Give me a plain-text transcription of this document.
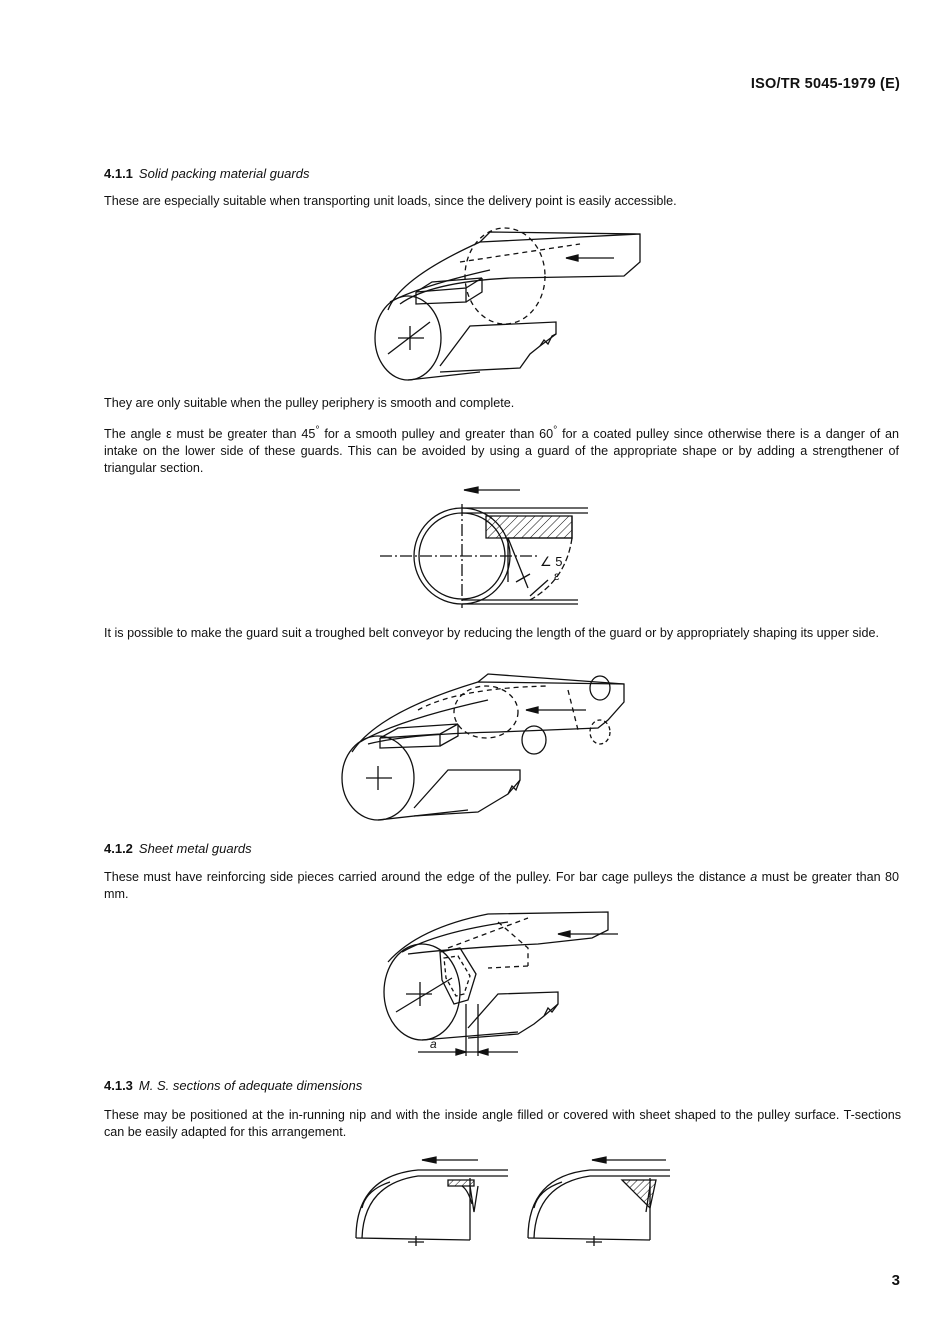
ISO/TR 5045-1979 (E)
4.1.1 Solid packing material guards
These are especially suitable when transporting unit loads, since the delivery point is easily accessible.
They are only suitable when the pulley periphery is smooth and complete.
The angle ε must be greater than 45° for a smooth pulley and greater than 60° for a coated pulley since otherwise there is a danger of an intake on the lower side of these guards. This can be avoided by using a guard of the appropriate shape or by adding a strengthener of triangular section.
∠ 5
ε
It is possible to make the guard suit a troughed belt conveyor by reducing the length of the guard or by appropriately shaping its upper side.
4.1.2 Sheet metal guards
These must have reinforcing side pieces carried around the edge of the pulley. For bar cage pulleys the distance a must be greater than 80 mm.
a
4.1.3 M. S. sections of adequate dimensions
These may be positioned at the in-running nip and with the inside angle filled or covered with sheet shaped to the pulley surface. T-sections can be easily adapted for this arrangement.
3
